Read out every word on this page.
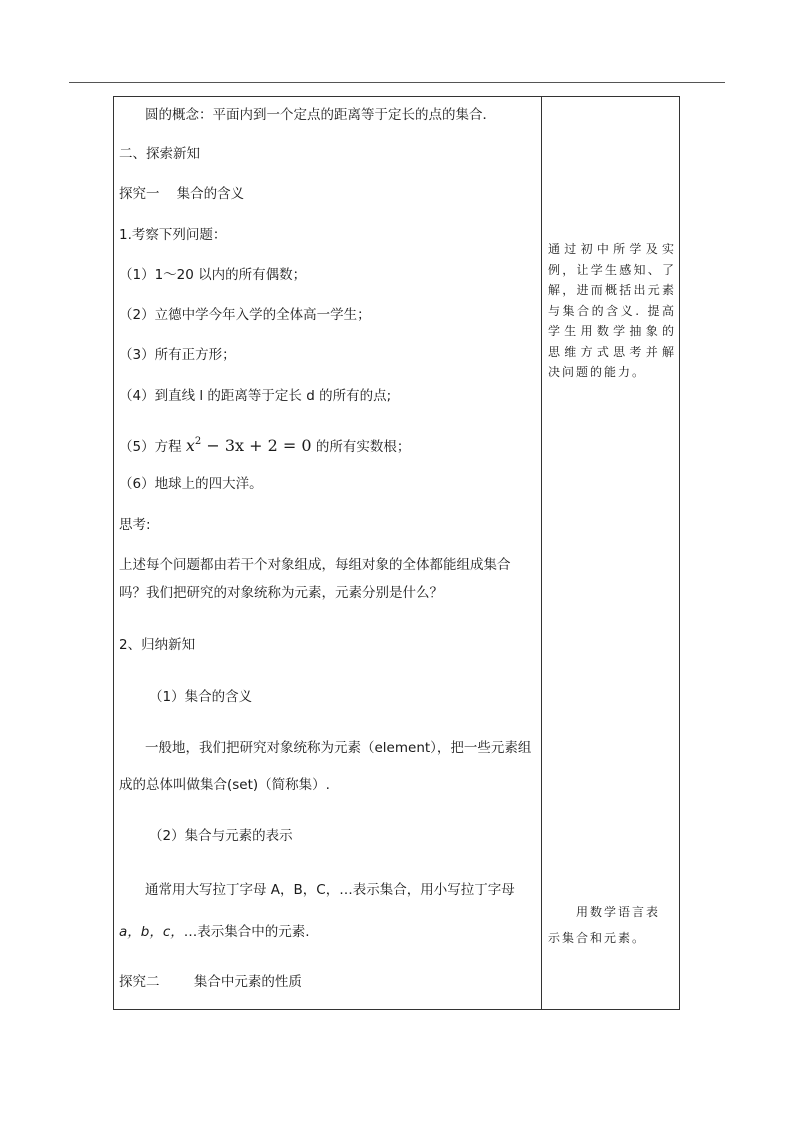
圆的概念：平面内到一个定点的距离等于定长的点的集合．
二、探索新知
探究一    集合的含义
1.考察下列问题：
（1）1～20 以内的所有偶数；
（2）立德中学今年入学的全体高一学生；
（3）所有正方形；
（4）到直线 l 的距离等于定长 d 的所有的点;
（5）方程 $x^2 - 3x + 2 = 0$ 的所有实数根；
（6）地球上的四大洋。
思考:
上述每个问题都由若干个对象组成，每组对象的全体都能组成集合
吗？我们把研究的对象统称为元素，元素分别是什么？
2、归纳新知
（1）集合的含义
一般地，我们把研究对象统称为元素（element），把一些元素组
成的总体叫做集合(set)（简称集）.
（2）集合与元素的表示
通常用大写拉丁字母 A，B，C，…表示集合，用小写拉丁字母
a，b，c，…表示集合中的元素.
探究二        集合中元素的性质

通过初中所学及实

例，让学生感知、了

解，进而概括出元素

与集合的含义. 提高

学生用数学抽象的

思维方式思考并解

决问题的能力。

用数学语言表

示集合和元素。
